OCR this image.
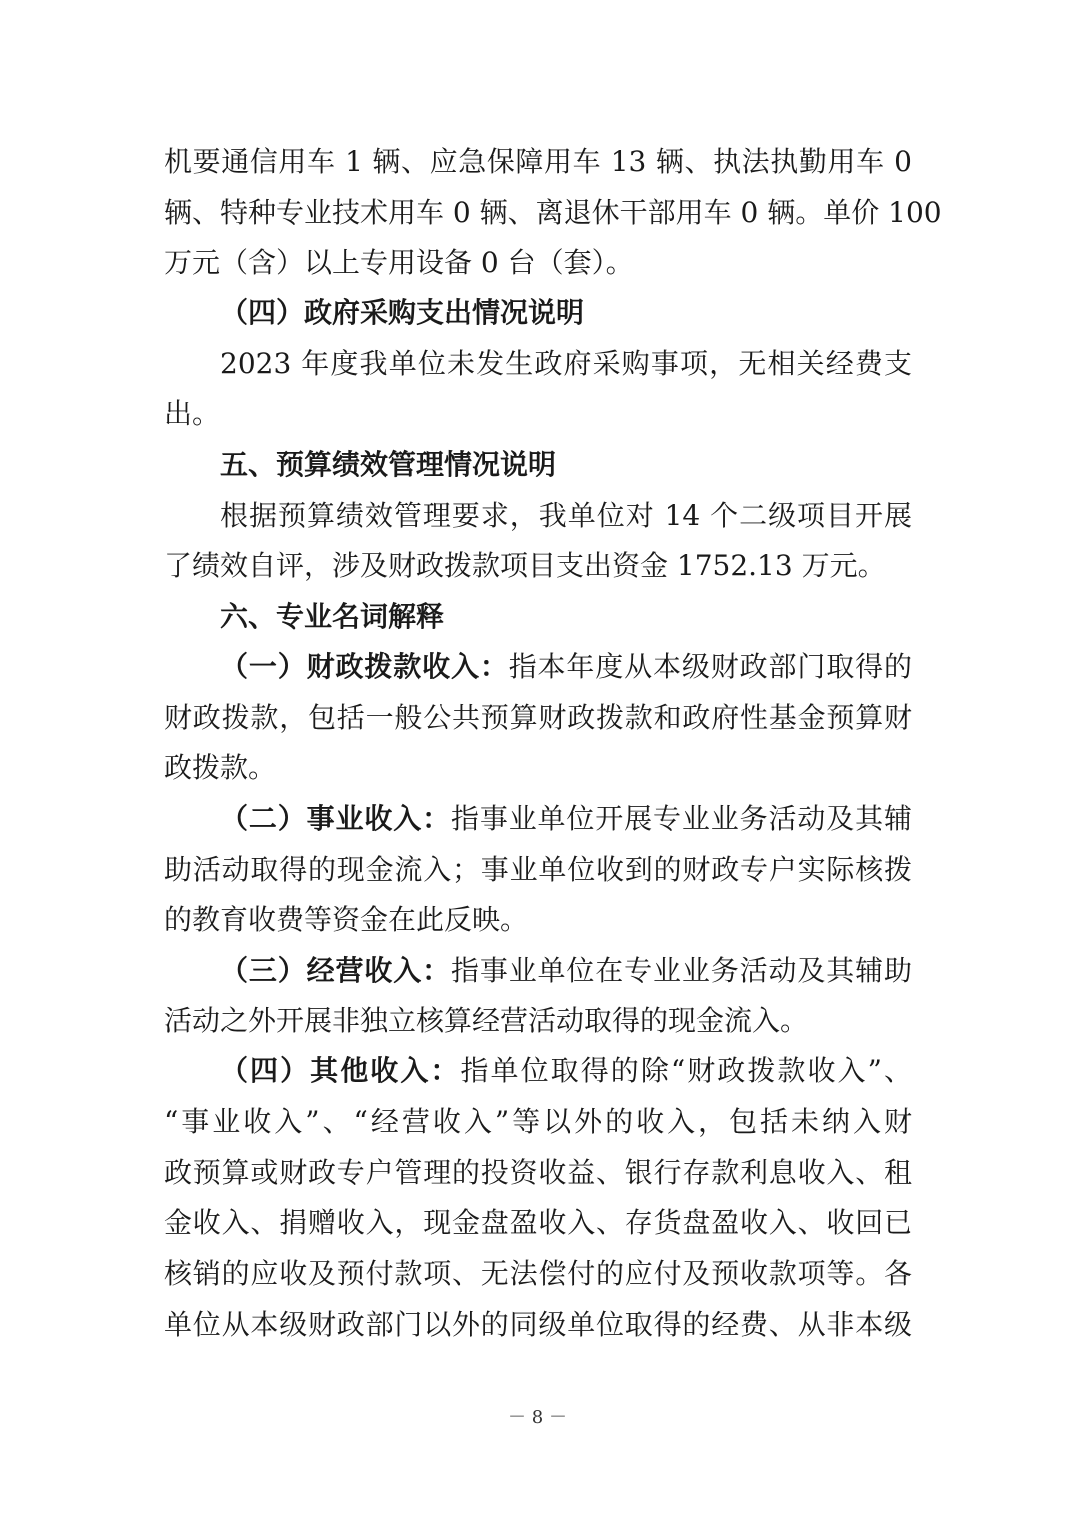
机要通信用车 1 辆、应急保障用车 13 辆、执法执勤用车 0
辆、特种专业技术用车 0 辆、离退休干部用车 0 辆。单价 100
万元（含）以上专用设备 0 台（套）。
（四）政府采购支出情况说明
2023 年度我单位未发生政府采购事项，无相关经费支
出。
五、预算绩效管理情况说明
根据预算绩效管理要求，我单位对 14 个二级项目开展
了绩效自评，涉及财政拨款项目支出资金 1752.13 万元。
六、专业名词解释
（一）财政拨款收入：指本年度从本级财政部门取得的
财政拨款，包括一般公共预算财政拨款和政府性基金预算财
政拨款。
（二）事业收入：指事业单位开展专业业务活动及其辅
助活动取得的现金流入；事业单位收到的财政专户实际核拨
的教育收费等资金在此反映。
（三）经营收入：指事业单位在专业业务活动及其辅助
活动之外开展非独立核算经营活动取得的现金流入。
（四）其他收入：指单位取得的除“财政拨款收入”、
“事业收入”、“经营收入”等以外的收入，包括未纳入财
政预算或财政专户管理的投资收益、银行存款利息收入、租
金收入、捐赠收入，现金盘盈收入、存货盘盈收入、收回已
核销的应收及预付款项、无法偿付的应付及预收款项等。各
单位从本级财政部门以外的同级单位取得的经费、从非本级
－ 8 －
